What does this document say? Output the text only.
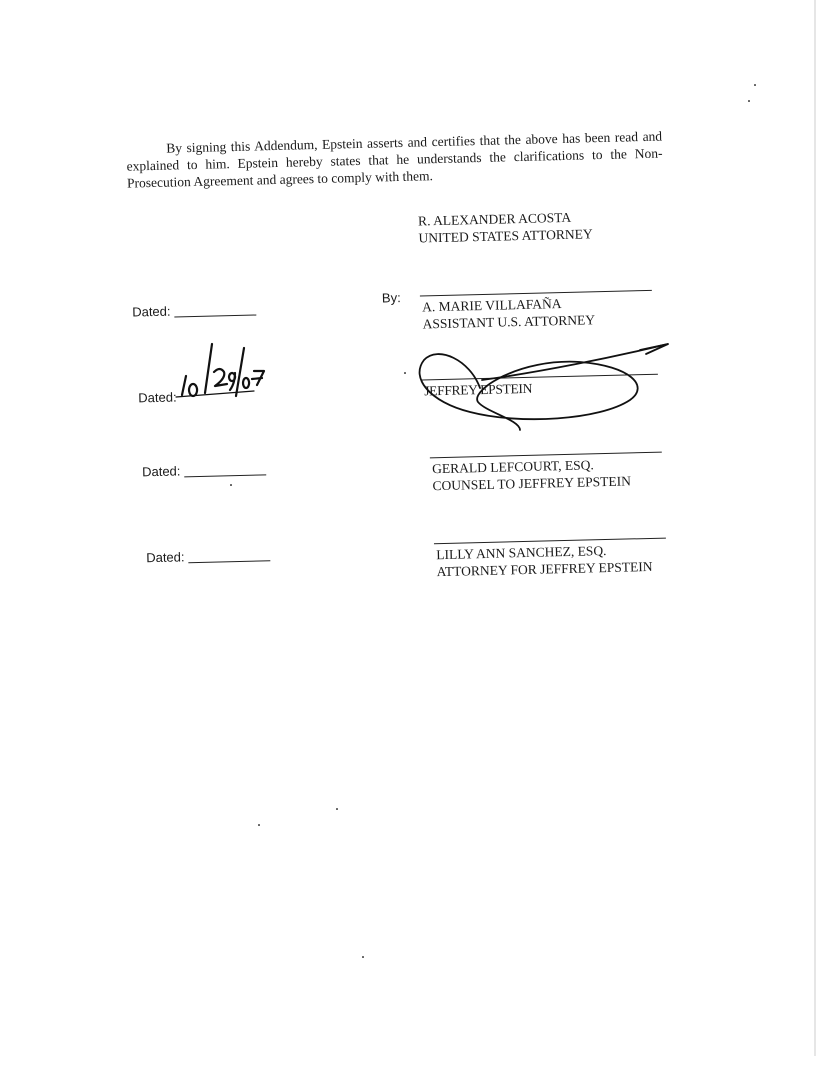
By signing this Addendum, Epstein asserts and certifies that the above has been read and explained to him. Epstein hereby states that he understands the clarifications to the Non-Prosecution Agreement and agrees to comply with them.

R. ALEXANDER ACOSTA
UNITED STATES ATTORNEY
By:
Dated:	A. MARIE VILLAFAÑA
ASSISTANT U.S. ATTORNEY
Dated:	JEFFREY EPSTEIN
Dated:	GERALD LEFCOURT, ESQ.
COUNSEL TO JEFFREY EPSTEIN
Dated:	LILLY ANN SANCHEZ, ESQ.
ATTORNEY FOR JEFFREY EPSTEIN
